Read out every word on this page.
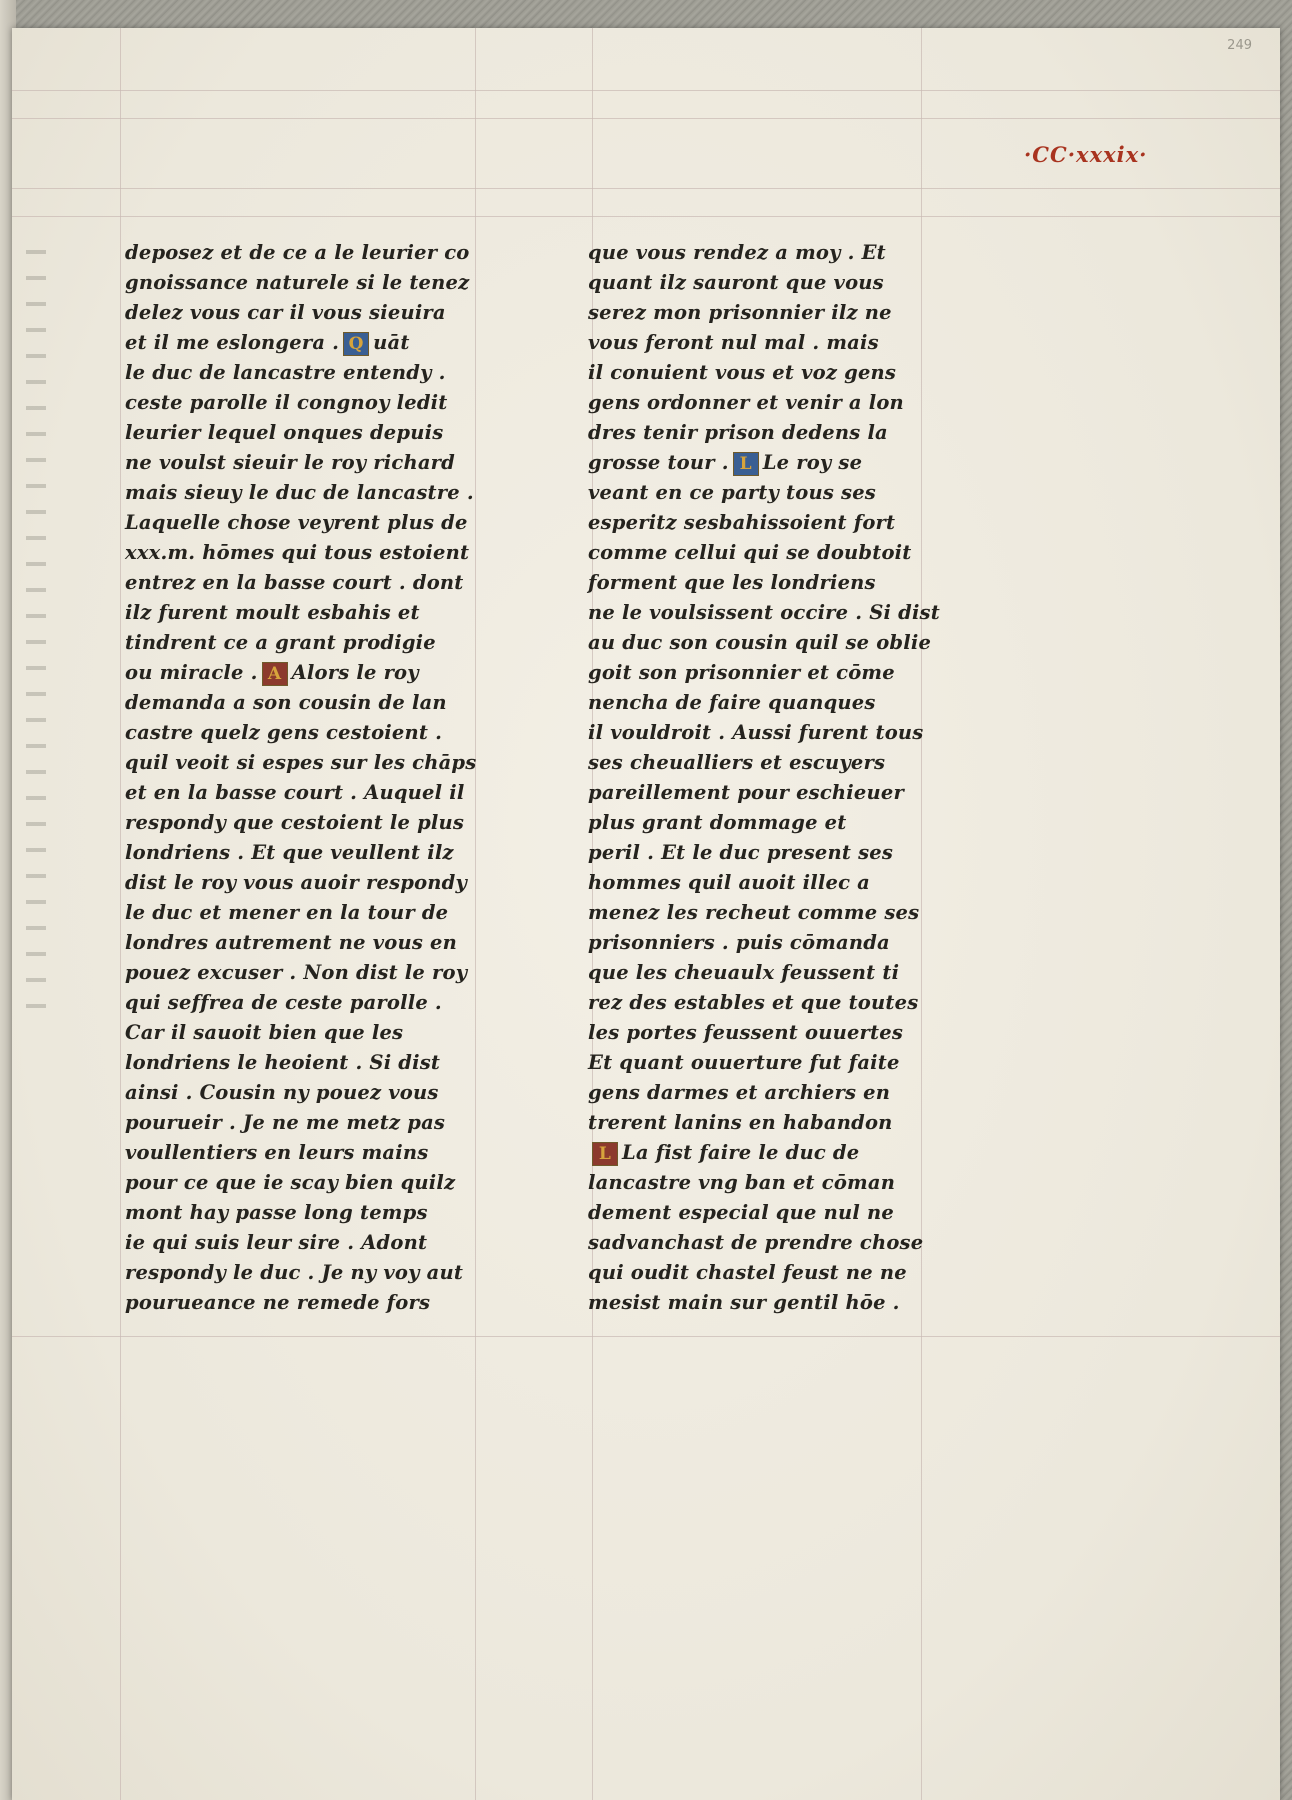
249
·CC·xxxix·
deposez et de ce a le leurier co
gnoissance naturele si le tenez
delez vous car il vous sieuira
et il me eslongera . Q uāt
le duc de lancastre entendy .
ceste parolle il congnoy ledit
leurier lequel onques depuis
ne voulst sieuir le roy richard
mais sieuy le duc de lancastre .
Laquelle chose veyrent plus de
xxx.m. hōmes qui tous estoient
entrez en la basse court . dont
ilz furent moult esbahis et
tindrent ce a grant prodigie
ou miracle . A Alors le roy
demanda a son cousin de lan
castre quelz gens cestoient .
quil veoit si espes sur les chāps
et en la basse court . Auquel il
respondy que cestoient le plus
londriens . Et que veullent ilz
dist le roy vous auoir respondy
le duc et mener en la tour de
londres autrement ne vous en
pouez excuser . Non dist le roy
qui seffrea de ceste parolle .
Car il sauoit bien que les
londriens le heoient . Si dist
ainsi . Cousin ny pouez vous
pourueir . Je ne me metz pas
voullentiers en leurs mains
pour ce que ie scay bien quilz
mont hay passe long temps
ie qui suis leur sire . Adont
respondy le duc . Je ny voy aut
pourueance ne remede fors
que vous rendez a moy . Et
quant ilz sauront que vous
serez mon prisonnier ilz ne
vous feront nul mal . mais
il conuient vous et voz gens
gens ordonner et venir a lon
dres tenir prison dedens la
grosse tour . L Le roy se
veant en ce party tous ses
esperitz sesbahissoient fort
comme cellui qui se doubtoit
forment que les londriens
ne le voulsissent occire . Si dist
au duc son cousin quil se oblie
goit son prisonnier et cōme
nencha de faire quanques
il vouldroit . Aussi furent tous
ses cheualliers et escuyers
pareillement pour eschieuer
plus grant dommage et
peril . Et le duc present ses
hommes quil auoit illec a
menez les recheut comme ses
prisonniers . puis cōmanda
que les cheuaulx feussent ti
rez des estables et que toutes
les portes feussent ouuertes
Et quant ouuerture fut faite
gens darmes et archiers en
trerent lanins en habandon
L La fist faire le duc de
lancastre vng ban et cōman
dement especial que nul ne
sadvanchast de prendre chose
qui oudit chastel feust ne ne
mesist main sur gentil hōe .
